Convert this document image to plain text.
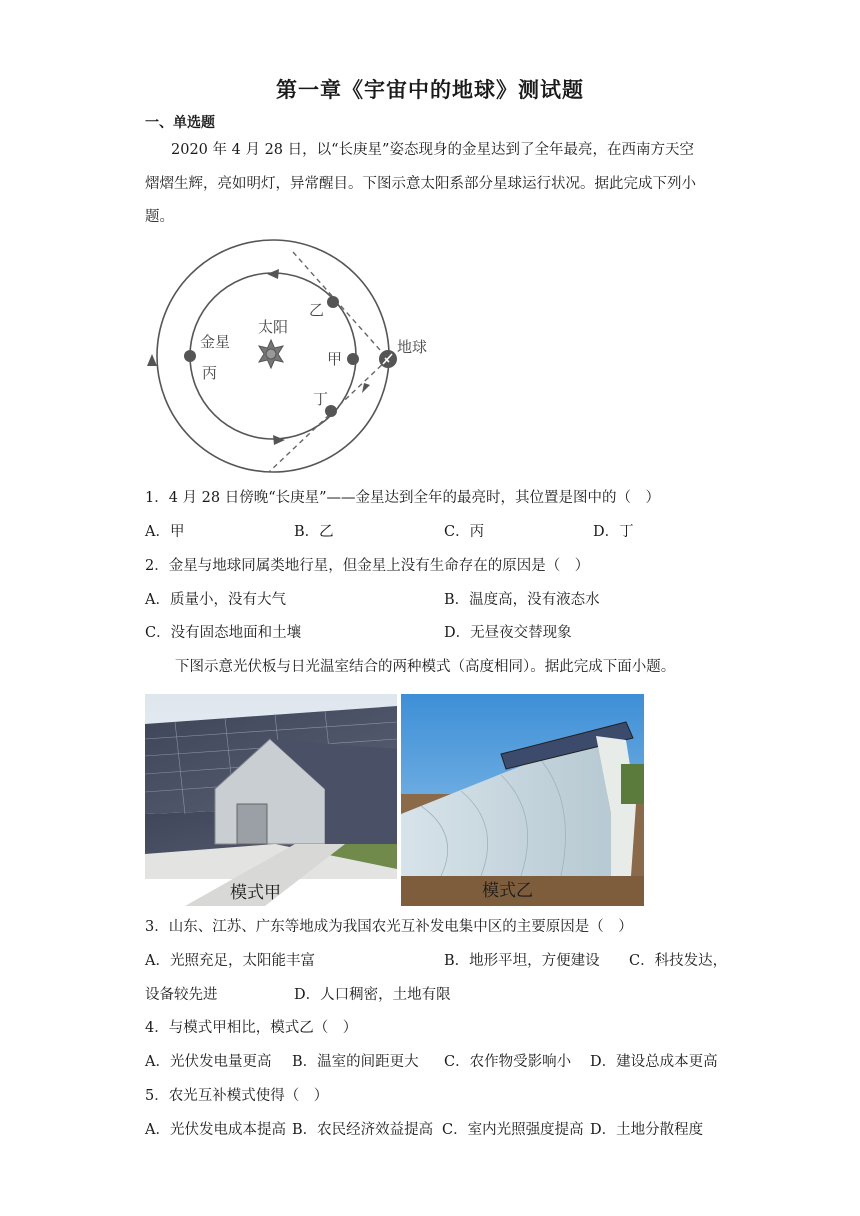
第一章《宇宙中的地球》测试题
一、单选题
2020 年 4 月 28 日，以“长庚星”姿态现身的金星达到了全年最亮，在西南方天空
熠熠生辉，亮如明灯，异常醒目。下图示意太阳系部分星球运行状况。据此完成下列小
题。
太阳
地球
金星
甲
乙
丙
丁
1．4 月 28 日傍晚“长庚星”——金星达到全年的最亮时，其位置是图中的（　）
A．甲	B．乙	C．丙	D．丁
2．金星与地球同属类地行星，但金星上没有生命存在的原因是（　）
A．质量小，没有大气	B．温度高，没有液态水
C．没有固态地面和土壤	D．无昼夜交替现象
下图示意光伏板与日光温室结合的两种模式（高度相同）。据此完成下面小题。
模式甲	模式乙
3．山东、江苏、广东等地成为我国农光互补发电集中区的主要原因是（　）
A．光照充足，太阳能丰富	B．地形平坦，方便建设 C．科技发达，
设备较先进	D．人口稠密，土地有限
4．与模式甲相比，模式乙（　）
A．光伏发电量更高 B．温室的间距更大 C．农作物受影响小 D．建设总成本更高
5．农光互补模式使得（　）
A．光伏发电成本提高 B．农民经济效益提高 C．室内光照强度提高 D．土地分散程度
